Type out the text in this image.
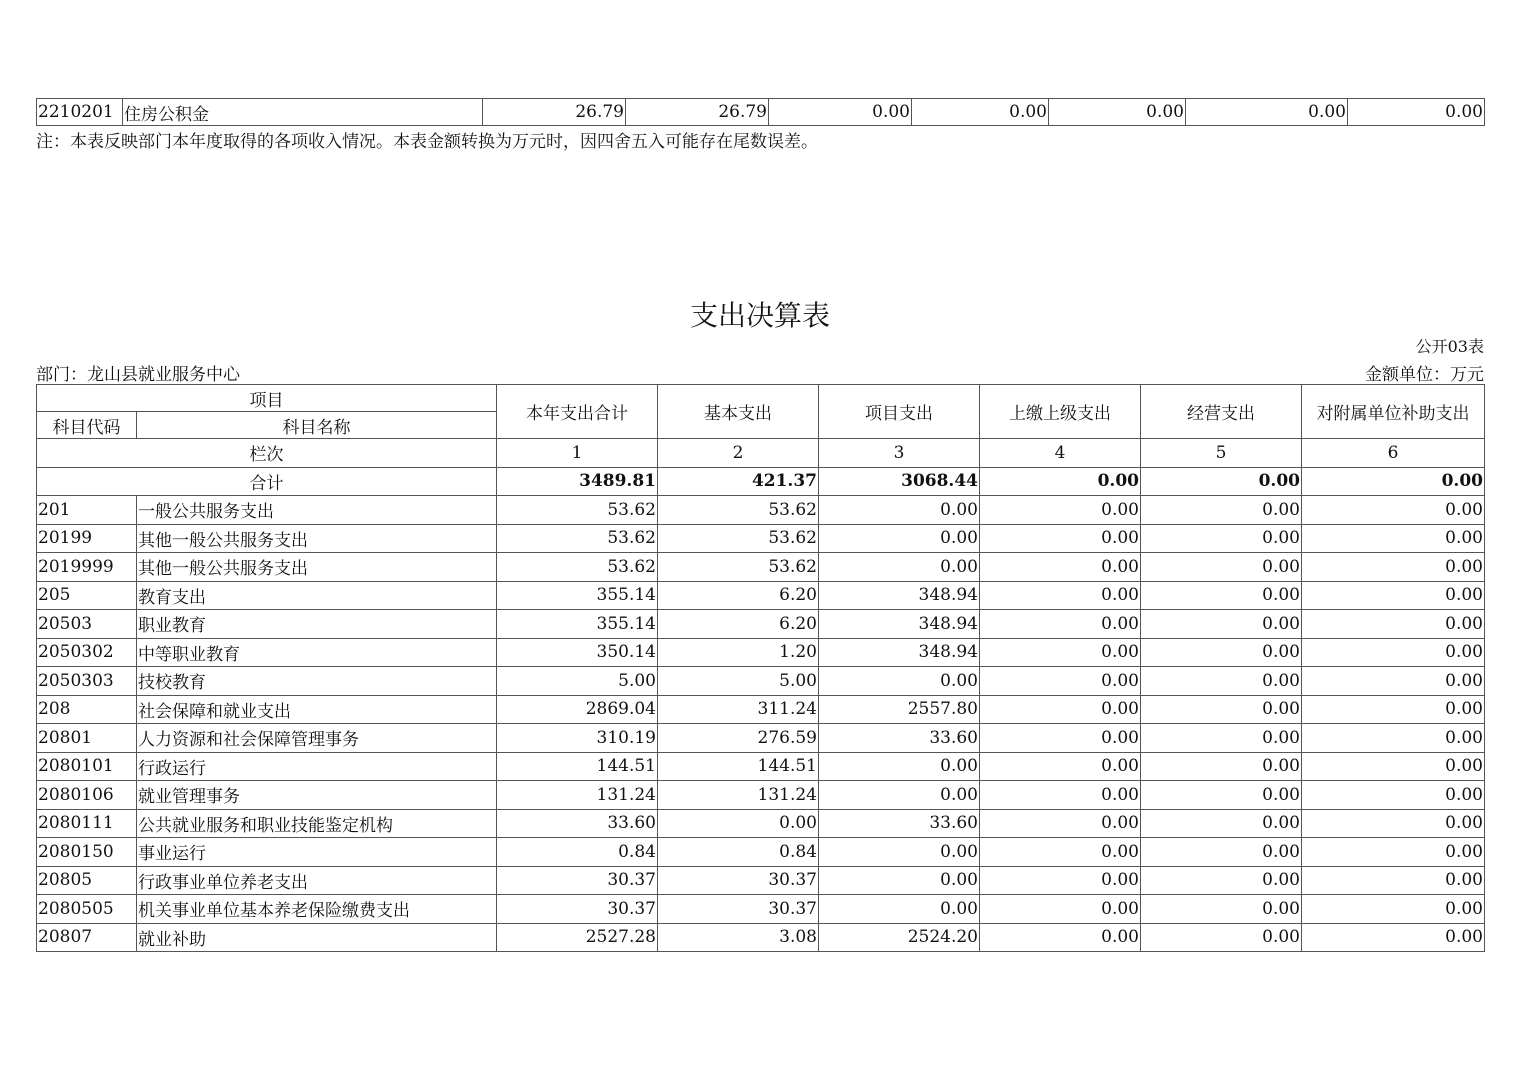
2210201	住房公积金	26.79	26.79	0.00	0.00	0.00	0.00	0.00
注：本表反映部门本年度取得的各项收入情况。本表金额转换为万元时，因四舍五入可能存在尾数误差。
支出决算表
公开03表
部门：龙山县就业服务中心	金额单位：万元
项目		本年支出合计	基本支出	项目支出	上缴上级支出	经营支出	对附属单位补助支出
科目代码	科目名称						
栏次		1	2	3	4	5	6
合计		3489.81	421.37	3068.44	0.00	0.00	0.00
201	一般公共服务支出	53.62	53.62	0.00	0.00	0.00	0.00
20199	其他一般公共服务支出	53.62	53.62	0.00	0.00	0.00	0.00
2019999	其他一般公共服务支出	53.62	53.62	0.00	0.00	0.00	0.00
205	教育支出	355.14	6.20	348.94	0.00	0.00	0.00
20503	职业教育	355.14	6.20	348.94	0.00	0.00	0.00
2050302	中等职业教育	350.14	1.20	348.94	0.00	0.00	0.00
2050303	技校教育	5.00	5.00	0.00	0.00	0.00	0.00
208	社会保障和就业支出	2869.04	311.24	2557.80	0.00	0.00	0.00
20801	人力资源和社会保障管理事务	310.19	276.59	33.60	0.00	0.00	0.00
2080101	行政运行	144.51	144.51	0.00	0.00	0.00	0.00
2080106	就业管理事务	131.24	131.24	0.00	0.00	0.00	0.00
2080111	公共就业服务和职业技能鉴定机构	33.60	0.00	33.60	0.00	0.00	0.00
2080150	事业运行	0.84	0.84	0.00	0.00	0.00	0.00
20805	行政事业单位养老支出	30.37	30.37	0.00	0.00	0.00	0.00
2080505	机关事业单位基本养老保险缴费支出	30.37	30.37	0.00	0.00	0.00	0.00
20807	就业补助	2527.28	3.08	2524.20	0.00	0.00	0.00
